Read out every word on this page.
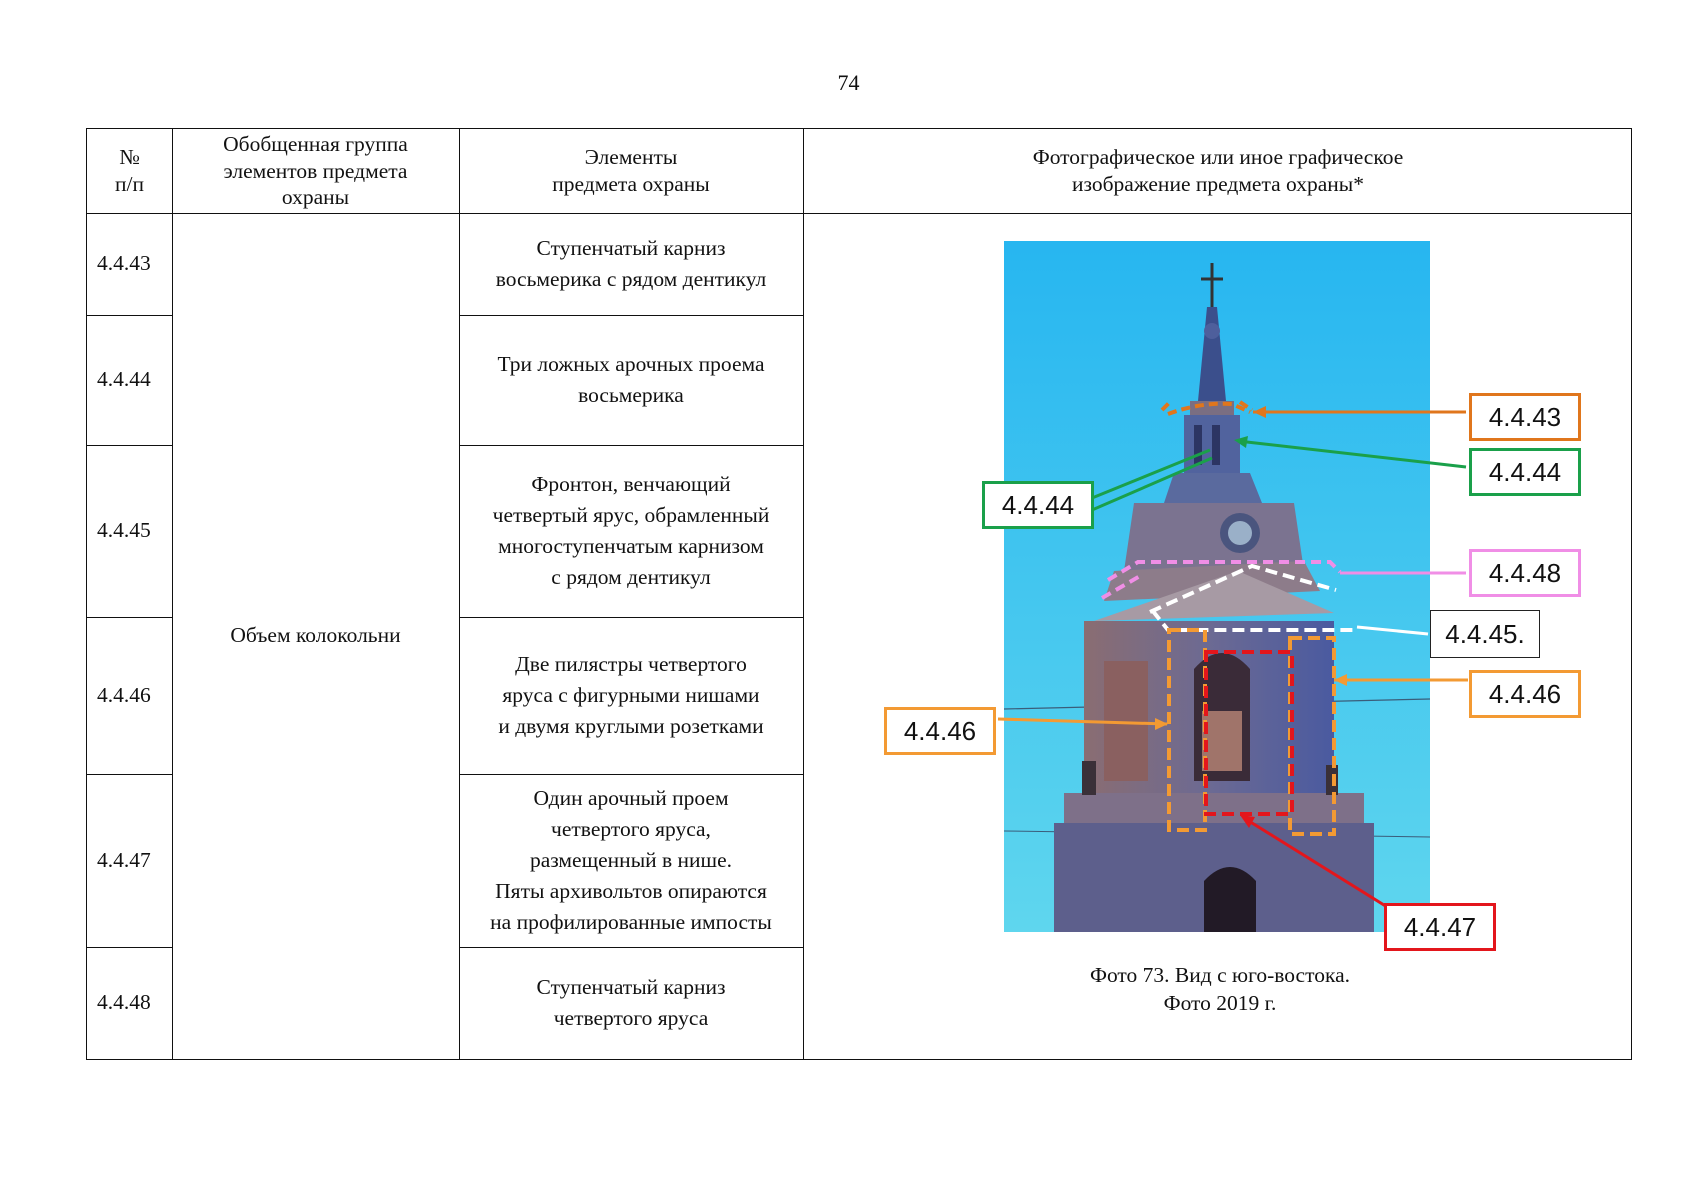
74
№
п/п
Обобщенная группа
элементов предмета
охраны
Элементы
предмета охраны
Фотографическое или иное графическое
изображение предмета охраны*
4.4.43
4.4.44
4.4.45
4.4.46
4.4.47
4.4.48
Объем колокольни
Ступенчатый карниз
восьмерика с рядом дентикул
Три ложных арочных проема
восьмерика
Фронтон, венчающий
четвертый ярус, обрамленный
многоступенчатым карнизом
с рядом дентикул
Две пилястры четвертого
яруса с фигурными нишами
и двумя круглыми розетками
Один арочный проем
четвертого яруса,
размещенный в нише.
Пяты архивольтов опираются
на профилированные импосты
Ступенчатый карниз
четвертого яруса
Фото 73. Вид с юго-востока.
Фото 2019 г.
4.4.43
4.4.44
4.4.44
4.4.48
4.4.45.
4.4.46
4.4.46
4.4.47
